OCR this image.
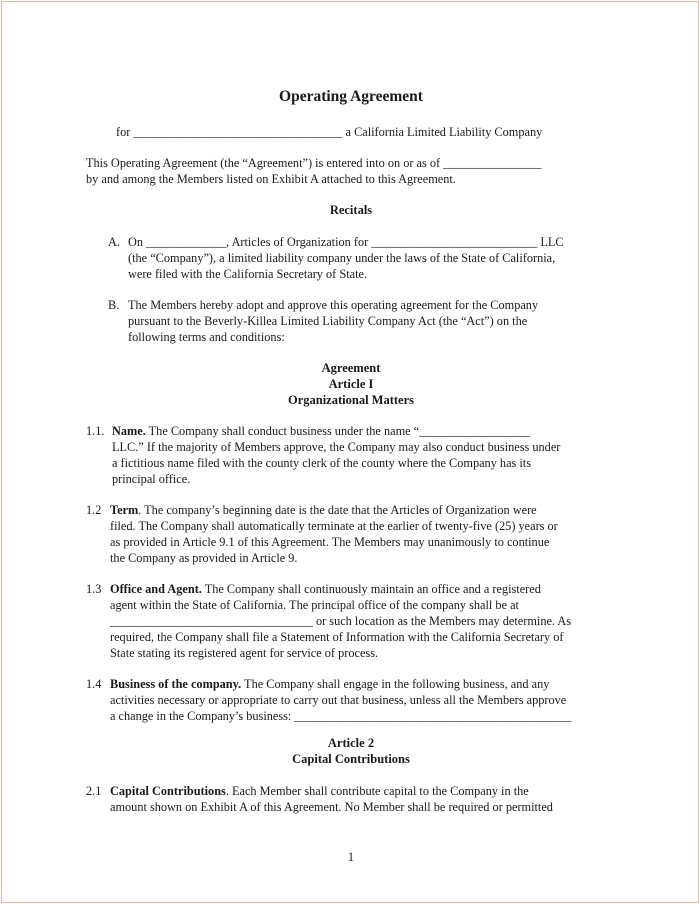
Operating Agreement
for __________________________________ a California Limited Liability Company
This Operating Agreement (the “Agreement”) is entered into on or as of ________________
by and among the Members listed on Exhibit A attached to this Agreement.
Recitals
A. On _____________, Articles of Organization for ___________________________ LLC
(the “Company”), a limited liability company under the laws of the State of California,
were filed with the California Secretary of State.
B. The Members hereby adopt and approve this operating agreement for the Company
pursuant to the Beverly-Killea Limited Liability Company Act (the “Act”) on the
following terms and conditions:
Agreement
Article I
Organizational Matters
1.1. Name. The Company shall conduct business under the name “__________________
LLC.” If the majority of Members approve, the Company may also conduct business under
a fictitious name filed with the county clerk of the county where the Company has its
principal office.
1.2 Term. The company’s beginning date is the date that the Articles of Organization were
filed. The Company shall automatically terminate at the earlier of twenty-five (25) years or
as provided in Article 9.1 of this Agreement. The Members may unanimously to continue
the Company as provided in Article 9.
1.3 Office and Agent. The Company shall continuously maintain an office and a registered
agent within the State of California. The principal office of the company shall be at
_________________________________ or such location as the Members may determine. As
required, the Company shall file a Statement of Information with the California Secretary of
State stating its registered agent for service of process.
1.4 Business of the company. The Company shall engage in the following business, and any
activities necessary or appropriate to carry out that business, unless all the Members approve
a change in the Company’s business: _____________________________________________
Article 2
Capital Contributions
2.1 Capital Contributions. Each Member shall contribute capital to the Company in the
amount shown on Exhibit A of this Agreement. No Member shall be required or permitted
1
